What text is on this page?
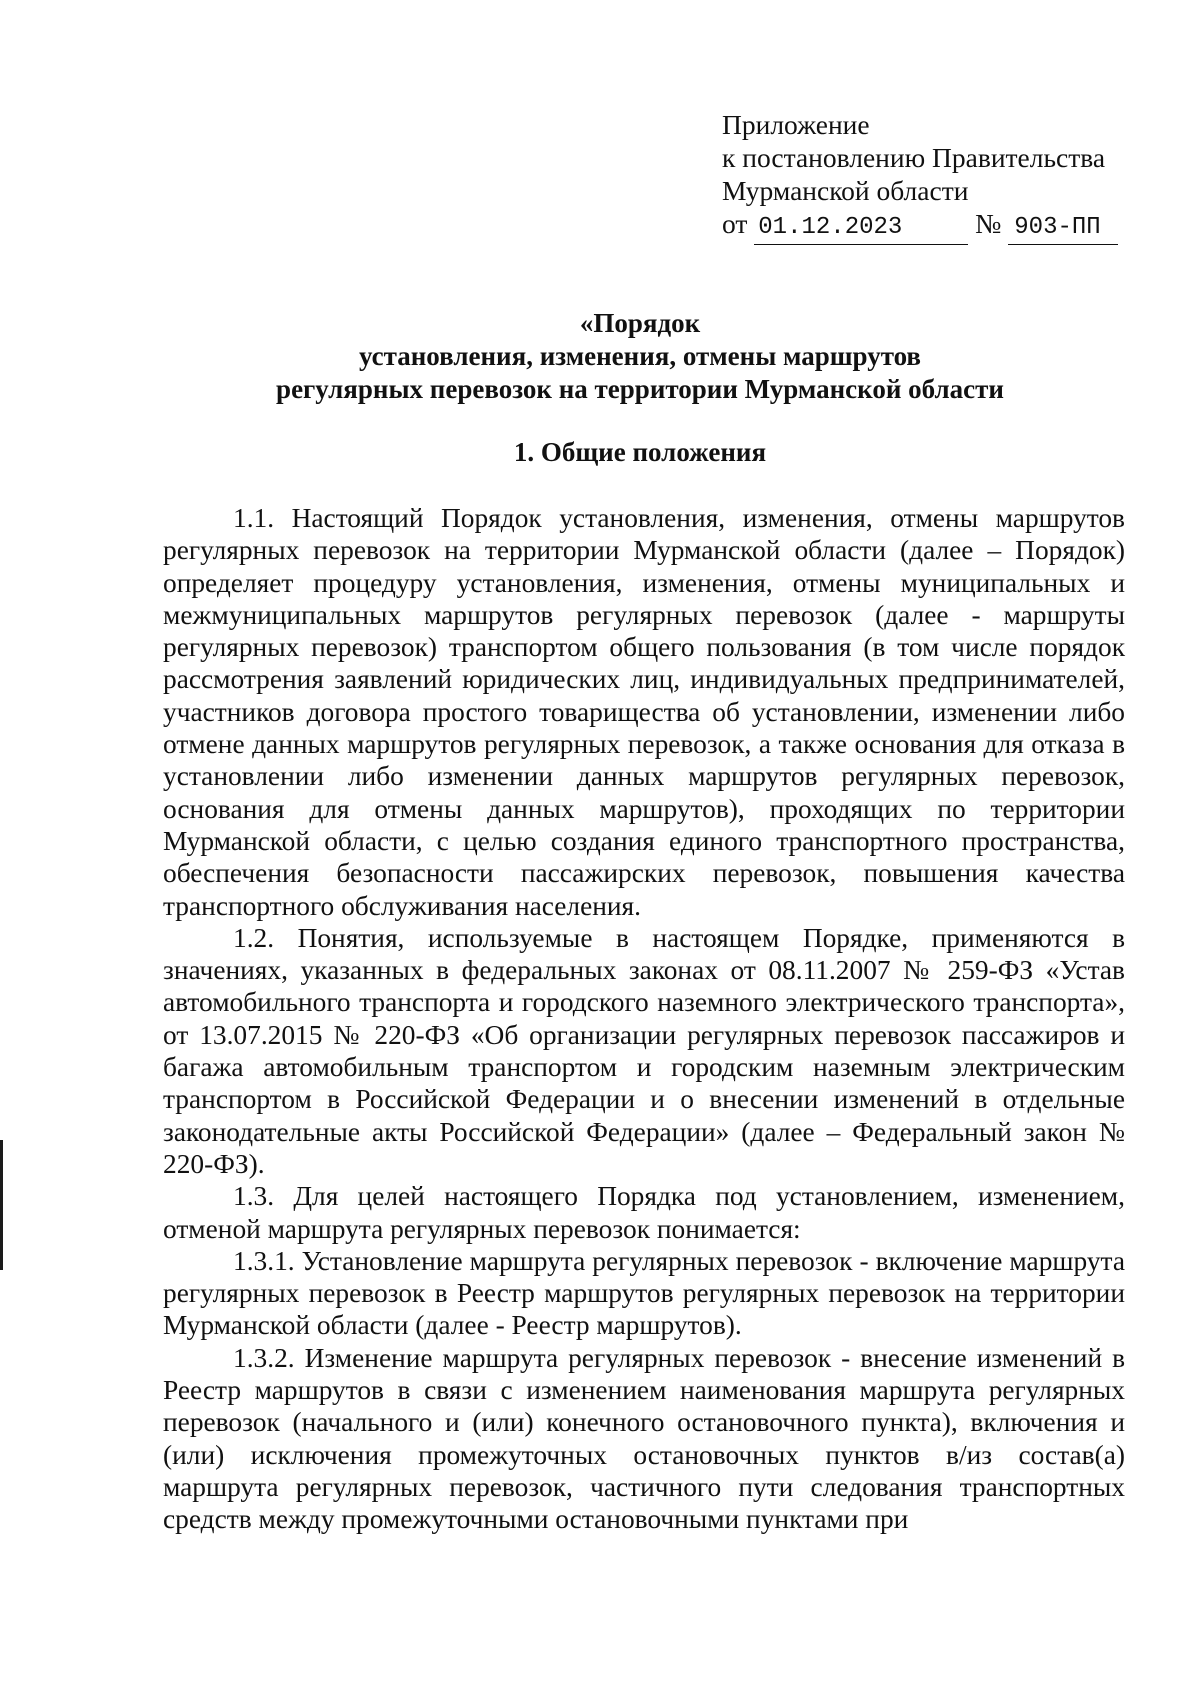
Приложение
к постановлению Правительства
Мурманской области
от 01.12.2023	№ 903-ПП
«Порядок
установления, изменения, отмены маршрутов
регулярных перевозок на территории Мурманской области
1. Общие положения

1.1. Настоящий Порядок установления, изменения, отмены маршрутов регулярных перевозок на территории Мурманской области (далее – Порядок) определяет процедуру установления, изменения, отмены муниципальных и межмуниципальных маршрутов регулярных перевозок (далее - маршруты регулярных перевозок) транспортом общего пользования (в том числе порядок рассмотрения заявлений юридических лиц, индивидуальных предпринимателей, участников договора простого товарищества об установлении, изменении либо отмене данных маршрутов регулярных перевозок, а также основания для отказа в установлении либо изменении данных маршрутов регулярных перевозок, основания для отмены данных маршрутов), проходящих по территории Мурманской области, с целью создания единого транспортного пространства, обеспечения безопасности пассажирских перевозок, повышения качества транспортного обслуживания населения.

1.2. Понятия, используемые в настоящем Порядке, применяются в значениях, указанных в федеральных законах от 08.11.2007 № 259-ФЗ «Устав автомобильного транспорта и городского наземного электрического транспорта», от 13.07.2015 № 220-ФЗ «Об организации регулярных перевозок пассажиров и багажа автомобильным транспортом и городским наземным электрическим транспортом в Российской Федерации и о внесении изменений в отдельные законодательные акты Российской Федерации» (далее – Федеральный закон № 220-ФЗ).

1.3. Для целей настоящего Порядка под установлением, изменением, отменой маршрута регулярных перевозок понимается:

1.3.1. Установление маршрута регулярных перевозок - включение маршрута регулярных перевозок в Реестр маршрутов регулярных перевозок на территории Мурманской области (далее - Реестр маршрутов).

1.3.2. Изменение маршрута регулярных перевозок - внесение изменений в Реестр маршрутов в связи с изменением наименования маршрута регулярных перевозок (начального и (или) конечного остановочного пункта), включения и (или) исключения промежуточных остановочных пунктов в/из состав(а) маршрута регулярных перевозок, частичного пути следования транспортных средств между промежуточными остановочными пунктами при
